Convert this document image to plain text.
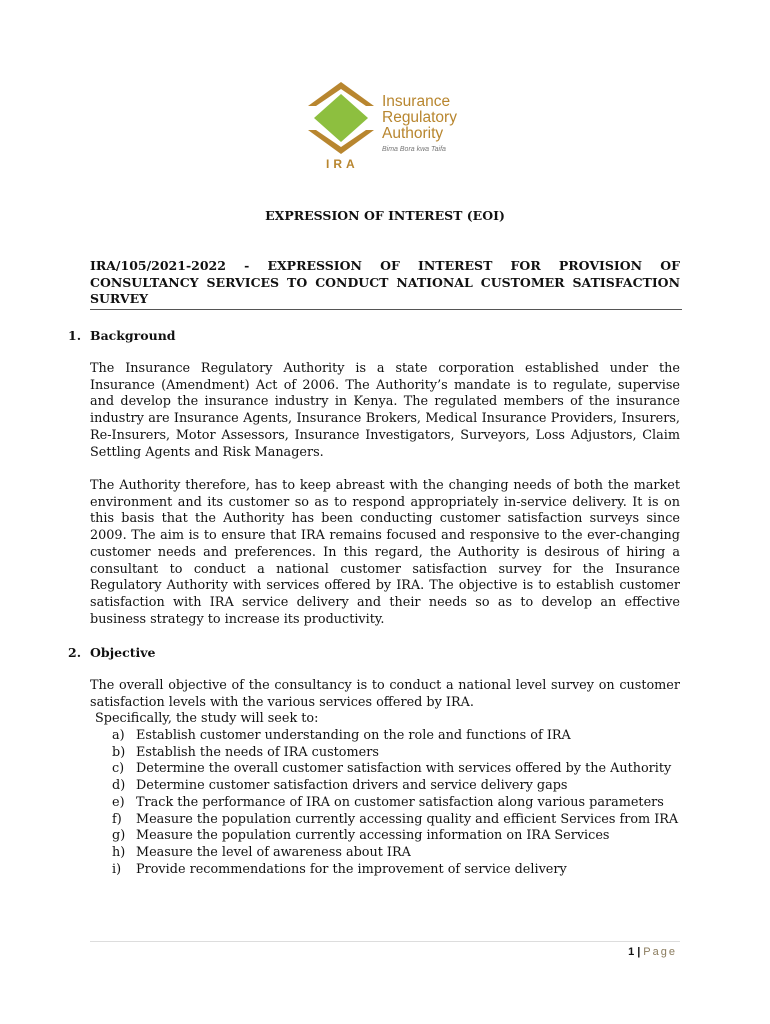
Insurance
Regulatory
Authority
Bima Bora kwa Taifa
IRA
EXPRESSION OF INTEREST (EOI)
IRA/105/2021-2022 - EXPRESSION OF INTEREST FOR PROVISION OF CONSULTANCY SERVICES TO CONDUCT NATIONAL CUSTOMER SATISFACTION SURVEY
1. Background
The Insurance Regulatory Authority is a state corporation established under the Insurance (Amendment) Act of 2006. The Authority’s mandate is to regulate, supervise and develop the insurance industry in Kenya. The regulated members of the insurance industry are Insurance Agents, Insurance Brokers, Medical Insurance Providers, Insurers, Re-Insurers, Motor Assessors, Insurance Investigators, Surveyors, Loss Adjustors, Claim Settling Agents and Risk Managers.
The Authority therefore, has to keep abreast with the changing needs of both the market environment and its customer so as to respond appropriately in-service delivery. It is on this basis that the Authority has been conducting customer satisfaction surveys since 2009. The aim is to ensure that IRA remains focused and responsive to the ever-changing customer needs and preferences. In this regard, the Authority is desirous of hiring a consultant to conduct a national customer satisfaction survey for the Insurance Regulatory Authority with services offered by IRA. The objective is to establish customer satisfaction with IRA service delivery and their needs so as to develop an effective business strategy to increase its productivity.
2. Objective
The overall objective of the consultancy is to conduct a national level survey on customer satisfaction levels with the various services offered by IRA.
Specifically, the study will seek to:
a) Establish customer understanding on the role and functions of IRA
b) Establish the needs of IRA customers
c) Determine the overall customer satisfaction with services offered by the Authority
d) Determine customer satisfaction drivers and service delivery gaps
e) Track the performance of IRA on customer satisfaction along various parameters
f) Measure the population currently accessing quality and efficient Services from IRA
g) Measure the population currently accessing information on IRA Services
h) Measure the level of awareness about IRA
i) Provide recommendations for the improvement of service delivery
1 | Page
